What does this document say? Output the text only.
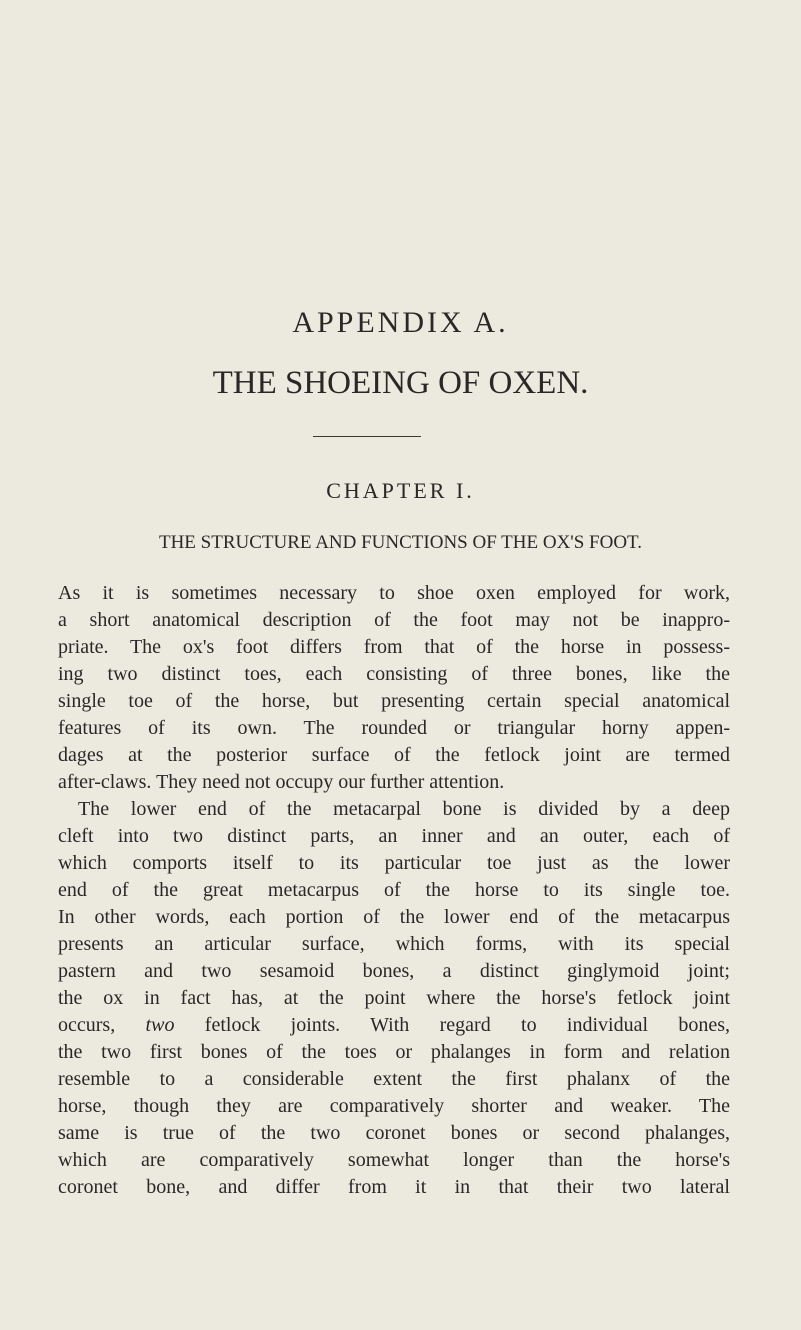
APPENDIX A.
THE SHOEING OF OXEN.
CHAPTER I.
THE STRUCTURE AND FUNCTIONS OF THE OX'S FOOT.
As it is sometimes necessary to shoe oxen employed for work,
a short anatomical description of the foot may not be inappro-
priate. The ox's foot differs from that of the horse in possess-
ing two distinct toes, each consisting of three bones, like the
single toe of the horse, but presenting certain special anatomical
features of its own. The rounded or triangular horny appen-
dages at the posterior surface of the fetlock joint are termed
after-claws. They need not occupy our further attention.
The lower end of the metacarpal bone is divided by a deep
cleft into two distinct parts, an inner and an outer, each of
which comports itself to its particular toe just as the lower
end of the great metacarpus of the horse to its single toe.
In other words, each portion of the lower end of the metacarpus
presents an articular surface, which forms, with its special
pastern and two sesamoid bones, a distinct ginglymoid joint;
the ox in fact has, at the point where the horse's fetlock joint
occurs, two fetlock joints. With regard to individual bones,
the two first bones of the toes or phalanges in form and relation
resemble to a considerable extent the first phalanx of the
horse, though they are comparatively shorter and weaker. The
same is true of the two coronet bones or second phalanges,
which are comparatively somewhat longer than the horse's
coronet bone, and differ from it in that their two lateral
